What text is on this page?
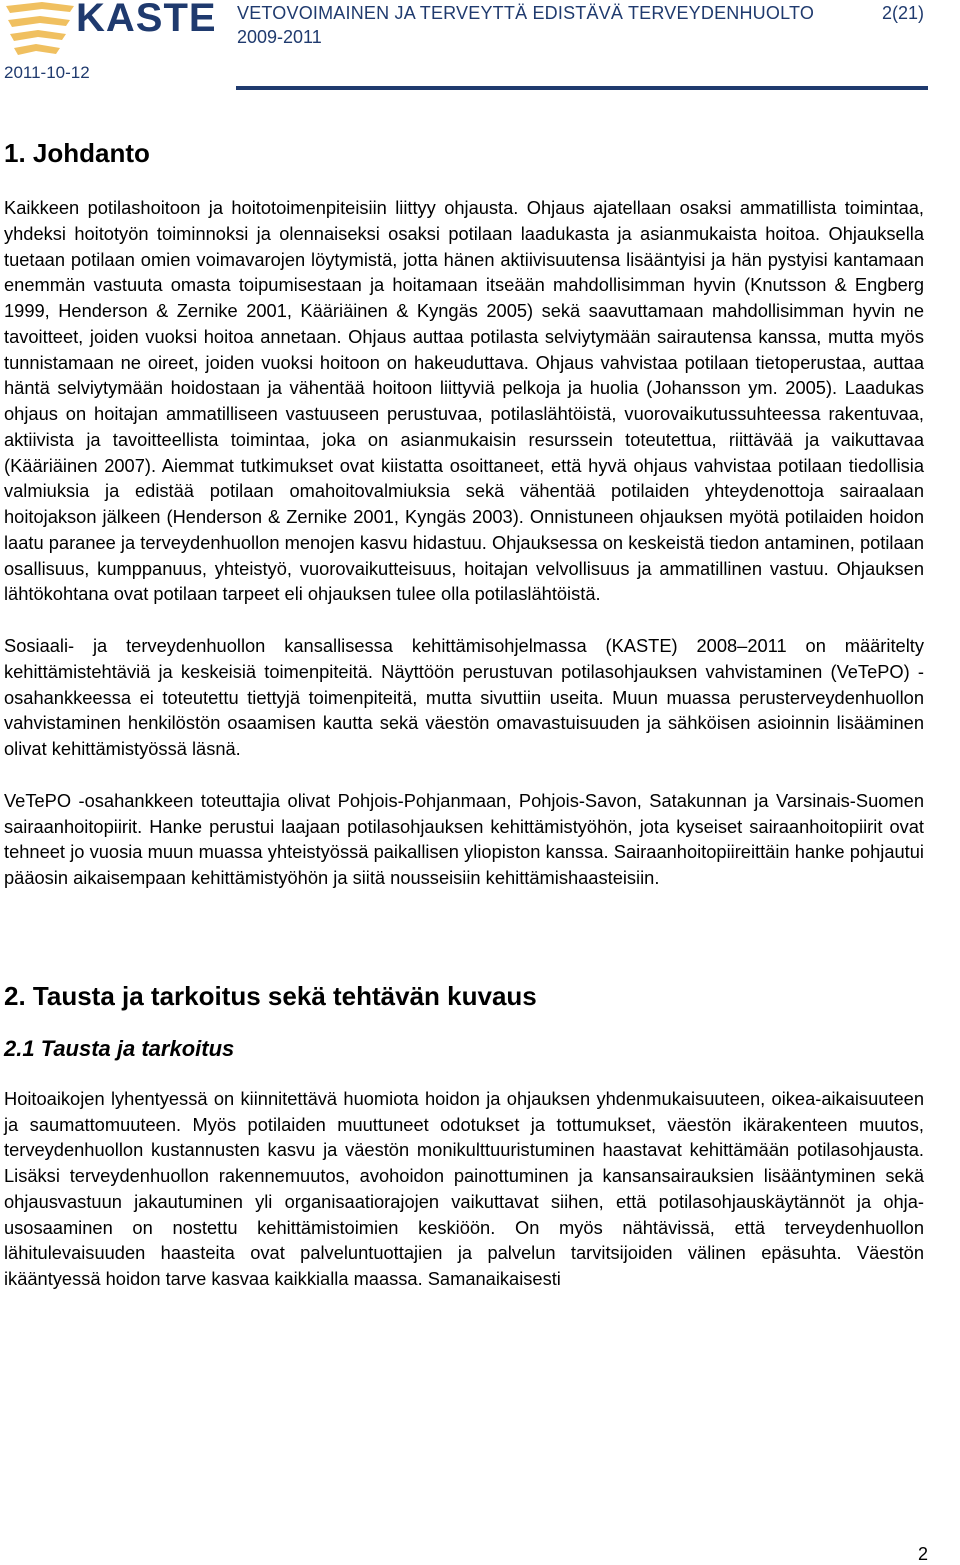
KASTE VETOVOIMAINEN JA TERVEYTTÄ EDISTÄVÄ TERVEYDENHUOLTO
2009-2011
2(21)
2011-10-12
1. Johdanto

Kaikkeen potilashoitoon ja hoitotoimenpiteisiin liittyy ohjausta. Ohjaus ajatellaan osaksi ammatillista toimintaa, yhdeksi hoitotyön toiminnoksi ja olennaiseksi osaksi potilaan laadukasta ja asianmukaista hoitoa. Ohjauksella tuetaan potilaan omien voimavarojen löytymistä, jotta hänen aktiivisuutensa lisääntyisi ja hän pystyisi kantamaan enemmän vastuuta omasta toipumisestaan ja hoitamaan itseään mahdollisimman hyvin (Knutsson & Engberg 1999, Henderson & Zernike 2001, Kääriäinen & Kyngäs 2005) sekä saavuttamaan mahdollisimman hyvin ne tavoitteet, joiden vuoksi hoitoa annetaan. Ohjaus auttaa potilasta selviytymään sairautensa kanssa, mutta myös tunnistamaan ne oireet, joiden vuoksi hoitoon on hakeuduttava. Ohjaus vahvistaa potilaan tietoperustaa, auttaa häntä selviytymään hoidostaan ja vähentää hoitoon liittyviä pelkoja ja huolia (Johansson ym. 2005). Laadukas ohjaus on hoitajan ammatilliseen vastuuseen perustuvaa, potilaslähtöistä, vuorovaikutussuhteessa rakentuvaa, aktiivista ja tavoitteellista toimintaa, joka on asianmukaisin resurssein toteutettua, riittävää ja vaikuttavaa (Kääriäinen 2007). Aiemmat tutkimukset ovat kiistatta osoittaneet, että hyvä ohjaus vahvistaa potilaan tiedollisia valmiuksia ja edistää potilaan omahoitovalmiuksia sekä vähentää potilaiden yhteydenottoja sairaalaan hoitojakson jälkeen (Henderson & Zernike 2001, Kyngäs 2003). Onnistuneen ohjauksen myötä potilaiden hoidon laatu paranee ja terveydenhuollon menojen kasvu hidastuu. Ohjauksessa on keskeistä tiedon antaminen, potilaan osallisuus, kumppanuus, yhteistyö, vuorovaikutteisuus, hoitajan velvollisuus ja ammatillinen vastuu. Ohjauksen lähtökohtana ovat potilaan tarpeet eli ohjauksen tulee olla potilaslähtöistä.

Sosiaali- ja terveydenhuollon kansallisessa kehittämisohjelmassa (KASTE) 2008–2011 on määritelty kehittämistehtäviä ja keskeisiä toimenpiteitä. Näyttöön perustuvan potilasohjauksen vahvistaminen (VeTePO) -osahankkeessa ei toteutettu tiettyjä toimenpiteitä, mutta sivuttiin useita. Muun muassa perusterveydenhuollon vahvistaminen henkilöstön osaamisen kautta sekä väestön omavastuisuuden ja sähköisen asioinnin lisääminen olivat kehittämistyössä läsnä.

VeTePO -osahankkeen toteuttajia olivat Pohjois-Pohjanmaan, Pohjois-Savon, Satakunnan ja Varsinais-Suomen sairaanhoitopiirit. Hanke perustui laajaan potilasohjauksen kehittämistyöhön, jota kyseiset sairaanhoitopiirit ovat tehneet jo vuosia muun muassa yhteistyössä paikallisen yliopiston kanssa. Sairaanhoitopiireittäin hanke pohjautui pääosin aikaisempaan kehittämistyöhön ja siitä nousseisiin kehittämishaasteisiin.

2. Tausta ja tarkoitus sekä tehtävän kuvaus
2.1 Tausta ja tarkoitus

Hoitoaikojen lyhentyessä on kiinnitettävä huomiota hoidon ja ohjauksen yhdenmukaisuuteen, oikea-aikaisuuteen ja saumattomuuteen. Myös potilaiden muuttuneet odotukset ja tottumukset, väestön ikärakenteen muutos, terveydenhuollon kustannusten kasvu ja väestön monikulttuuristuminen haastavat kehittämään potilasohjausta. Lisäksi terveydenhuollon rakennemuutos, avohoidon painottuminen ja kansansairauksien lisääntyminen sekä ohjausvastuun jakautuminen yli organisaatiorajojen vaikuttavat siihen, että potilasohjauskäytännöt ja ohjausosaaminen on nostettu kehittämistoimien keskiöön. On myös nähtävissä, että terveydenhuollon lähitulevaisuuden haasteita ovat palveluntuottajien ja palvelun tarvitsijoiden välinen epäsuhta. Väestön ikääntyessä hoidon tarve kasvaa kaikkialla maassa. Samanaikaisesti

2
